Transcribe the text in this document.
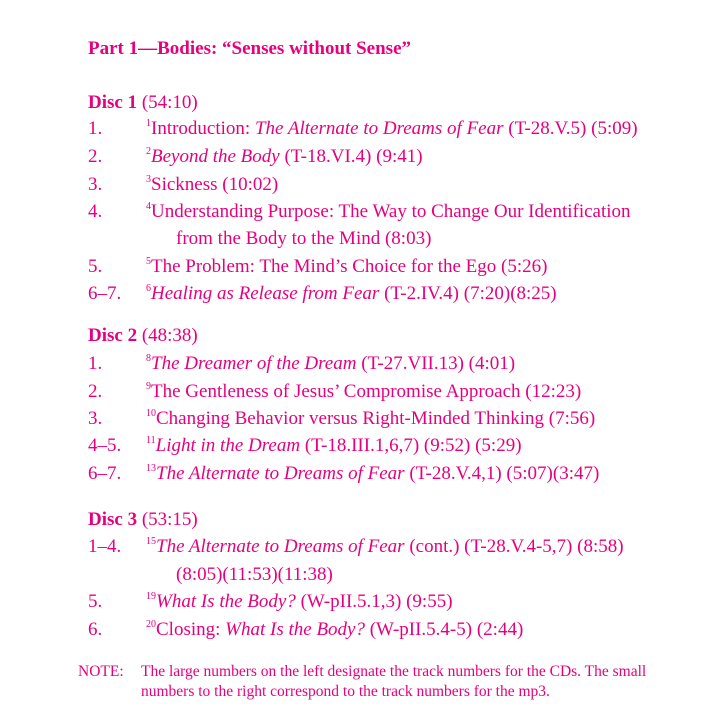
Part 1—Bodies: “Senses without Sense”
Disc 1 (54:10)
1.	$^1$Introduction: The Alternate to Dreams of Fear (T-28.V.5) (5:09)
2.	$^2$Beyond the Body (T-18.VI.4) (9:41)
3.	$^3$Sickness (10:02)
4.	$^4$Understanding Purpose: The Way to Change Our Identification
from the Body to the Mind (8:03)
5.	$^5$The Problem: The Mind’s Choice for the Ego (5:26)
6–7.	$^6$Healing as Release from Fear (T-2.IV.4) (7:20)(8:25)
Disc 2 (48:38)
1.	$^8$The Dreamer of the Dream (T-27.VII.13) (4:01)
2.	$^9$The Gentleness of Jesus’ Compromise Approach (12:23)
3.	$^{10}$Changing Behavior versus Right-Minded Thinking (7:56)
4–5.	$^{11}$Light in the Dream (T-18.III.1,6,7) (9:52) (5:29)
6–7.	$^{13}$The Alternate to Dreams of Fear (T-28.V.4,1) (5:07)(3:47)
Disc 3 (53:15)
1–4.	$^{15}$The Alternate to Dreams of Fear (cont.) (T-28.V.4-5,7) (8:58)
(8:05)(11:53)(11:38)
5.	$^{19}$What Is the Body? (W-pII.5.1,3) (9:55)
6.	$^{20}$Closing: What Is the Body? (W-pII.5.4-5) (2:44)
NOTE: The large numbers on the left designate the track numbers for the CDs. The small numbers to the right correspond to the track numbers for the mp3.
